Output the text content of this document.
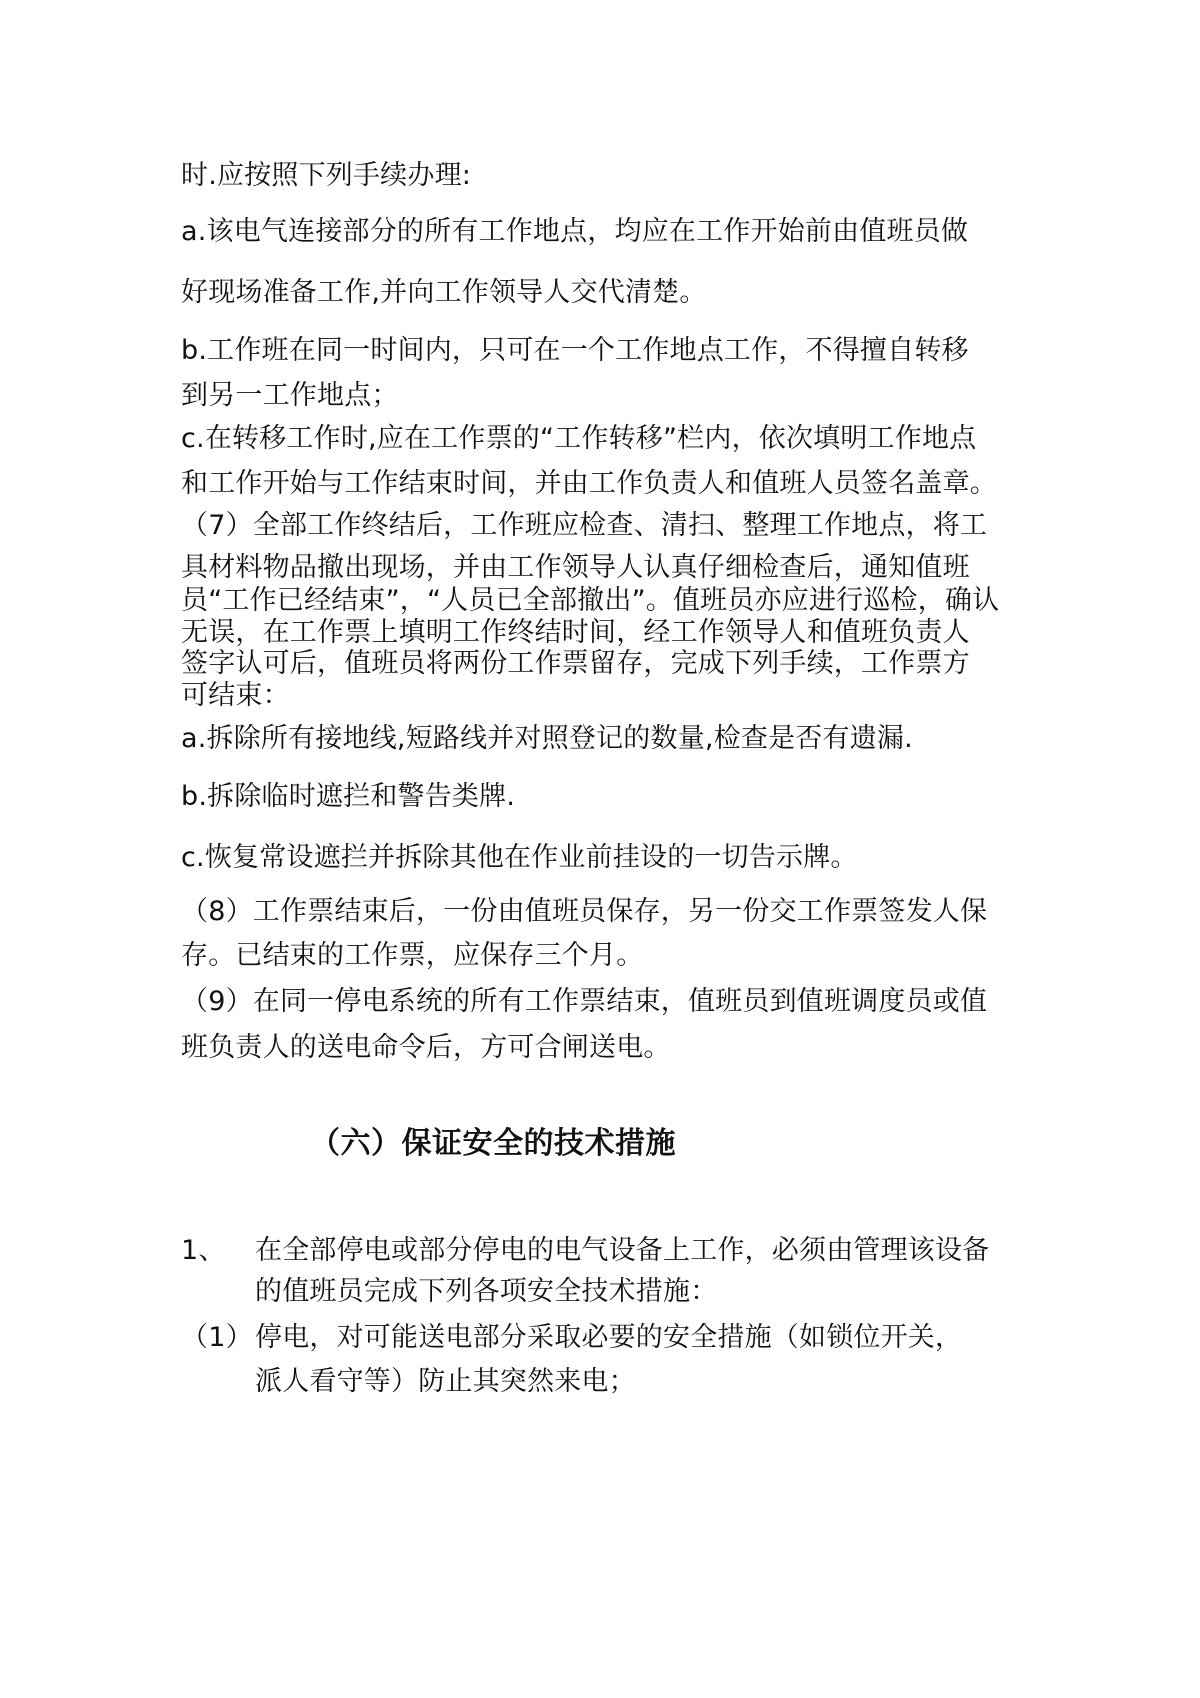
时.应按照下列手续办理:
a.该电气连接部分的所有工作地点，均应在工作开始前由值班员做
好现场准备工作,并向工作领导人交代清楚。
b.工作班在同一时间内，只可在一个工作地点工作，不得擅自转移
到另一工作地点；
c.在转移工作时,应在工作票的“工作转移”栏内，依次填明工作地点
和工作开始与工作结束时间，并由工作负责人和值班人员签名盖章。
（7）全部工作终结后，工作班应检查、清扫、整理工作地点，将工
具材料物品撤出现场，并由工作领导人认真仔细检查后，通知值班
员“工作已经结束”，“人员已全部撤出”。值班员亦应进行巡检，确认
无误，在工作票上填明工作终结时间，经工作领导人和值班负责人
签字认可后，值班员将两份工作票留存，完成下列手续，工作票方
可结束：
a.拆除所有接地线,短路线并对照登记的数量,检查是否有遗漏.
b.拆除临时遮拦和警告类牌.
c.恢复常设遮拦并拆除其他在作业前挂设的一切告示牌。
（8）工作票结束后，一份由值班员保存，另一份交工作票签发人保
存。已结束的工作票，应保存三个月。
（9）在同一停电系统的所有工作票结束，值班员到值班调度员或值
班负责人的送电命令后，方可合闸送电。
（六）保证安全的技术措施
1、 在全部停电或部分停电的电气设备上工作，必须由管理该设备
的值班员完成下列各项安全技术措施：
（1） 停电，对可能送电部分采取必要的安全措施（如锁位开关，
派人看守等）防止其突然来电；
